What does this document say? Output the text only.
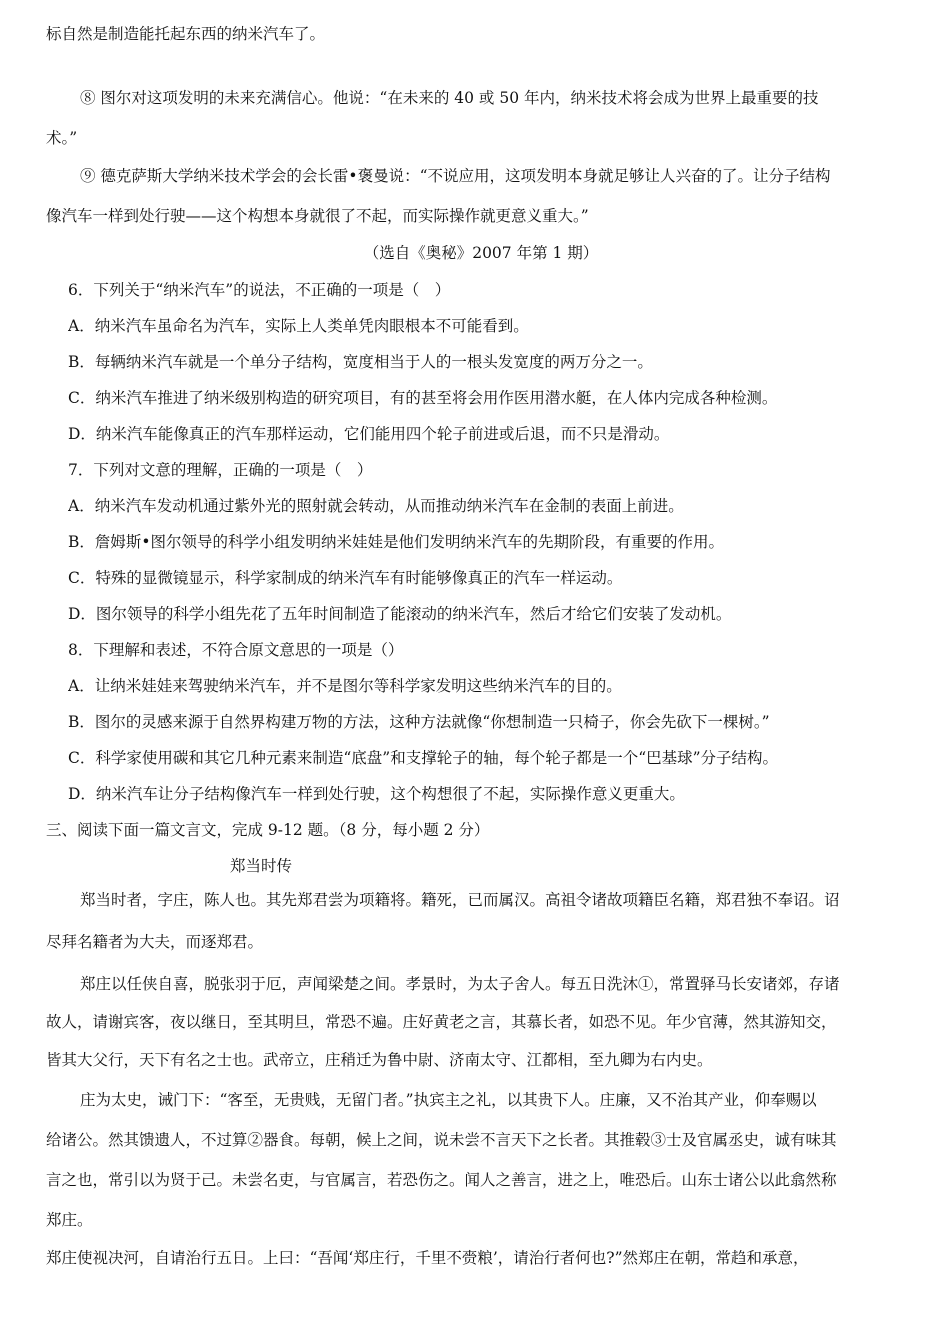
标自然是制造能托起东西的纳米汽车了。
⑧ 图尔对这项发明的未来充满信心。他说：“在未来的 40 或 50 年内，纳米技术将会成为世界上最重要的技
术。”
⑨ 德克萨斯大学纳米技术学会的会长雷•褒曼说：“不说应用，这项发明本身就足够让人兴奋的了。让分子结构
像汽车一样到处行驶——这个构想本身就很了不起，而实际操作就更意义重大。”
（选自《奥秘》2007 年第 1 期）
6．下列关于“纳米汽车”的说法，不正确的一项是（　）
A．纳米汽车虽命名为汽车，实际上人类单凭肉眼根本不可能看到。
B．每辆纳米汽车就是一个单分子结构，宽度相当于人的一根头发宽度的两万分之一。
C．纳米汽车推进了纳米级别构造的研究项目，有的甚至将会用作医用潜水艇，在人体内完成各种检测。
D．纳米汽车能像真正的汽车那样运动，它们能用四个轮子前进或后退，而不只是滑动。
7．下列对文意的理解，正确的一项是（　）
A．纳米汽车发动机通过紫外光的照射就会转动，从而推动纳米汽车在金制的表面上前进。
B．詹姆斯•图尔领导的科学小组发明纳米娃娃是他们发明纳米汽车的先期阶段，有重要的作用。
C．特殊的显微镜显示，科学家制成的纳米汽车有时能够像真正的汽车一样运动。
D．图尔领导的科学小组先花了五年时间制造了能滚动的纳米汽车，然后才给它们安装了发动机。
8．下理解和表述，不符合原文意思的一项是（）
A．让纳米娃娃来驾驶纳米汽车，并不是图尔等科学家发明这些纳米汽车的目的。
B．图尔的灵感来源于自然界构建万物的方法，这种方法就像“你想制造一只椅子，你会先砍下一棵树。”
C．科学家使用碳和其它几种元素来制造“底盘”和支撑轮子的轴，每个轮子都是一个“巴基球”分子结构。
D．纳米汽车让分子结构像汽车一样到处行驶，这个构想很了不起，实际操作意义更重大。
三、阅读下面一篇文言文，完成 9-12 题。（8 分，每小题 2 分）
郑当时传
郑当时者，字庄，陈人也。其先郑君尝为项籍将。籍死，已而属汉。高祖令诸故项籍臣名籍，郑君独不奉诏。诏
尽拜名籍者为大夫，而逐郑君。
郑庄以任侠自喜，脱张羽于厄，声闻梁楚之间。孝景时，为太子舍人。每五日洗沐①，常置驿马长安诸郊，存诸
故人，请谢宾客，夜以继日，至其明旦，常恐不遍。庄好黄老之言，其慕长者，如恐不见。年少官薄，然其游知交，
皆其大父行，天下有名之士也。武帝立，庄稍迁为鲁中尉、济南太守、江都相，至九卿为右内史。
庄为太史，诫门下：“客至，无贵贱，无留门者。”执宾主之礼，以其贵下人。庄廉，又不治其产业，仰奉赐以
给诸公。然其馈遗人，不过算②器食。每朝，候上之间，说未尝不言天下之长者。其推毂③士及官属丞史，诚有味其
言之也，常引以为贤于己。未尝名吏，与官属言，若恐伤之。闻人之善言，进之上，唯恐后。山东士诸公以此翕然称
郑庄。
郑庄使视决河，自请治行五日。上曰：“吾闻‘郑庄行，千里不赍粮’，请治行者何也?”然郑庄在朝，常趋和承意，
